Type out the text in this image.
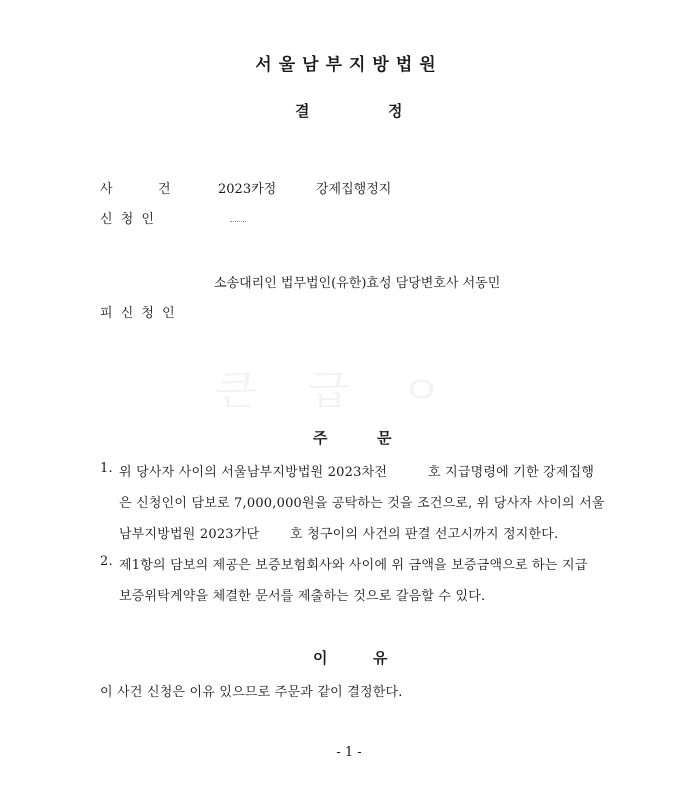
서울남부지방법원
결	정
큰 급 ㅇ
사	건	2023카정	강제집행정지
신 청 인
소송대리인 법무법인(유한)효성 담당변호사 서동민
피 신 청 인
주	문
1. 위 당사자 사이의 서울남부지방법원 2023차전	호 지급명령에 기한 강제집행
은 신청인이 담보로 7,000,000원을 공탁하는 것을 조건으로, 위 당사자 사이의 서울
남부지방법원 2023가단 호 청구이의 사건의 판결 선고시까지 정지한다.
2. 제1항의 담보의 제공은 보증보험회사와 사이에 위 금액을 보증금액으로 하는 지급
보증위탁계약을 체결한 문서를 제출하는 것으로 갈음할 수 있다.
이	유
이 사건 신청은 이유 있으므로 주문과 같이 결정한다.
- 1 -
